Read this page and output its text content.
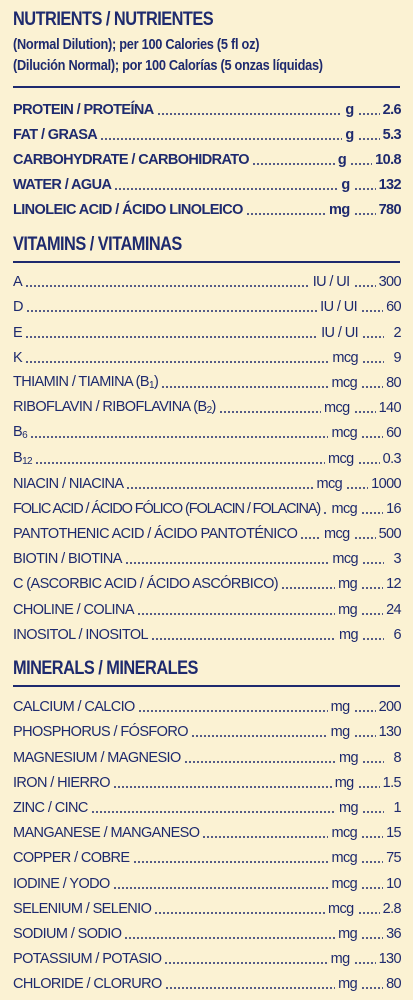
NUTRIENTS / NUTRIENTES
(Normal Dilution); per 100 Calories (5 fl oz)
(Dilución Normal); por 100 Calorías (5 onzas líquidas)
PROTEIN / PROTEÍNA	g 2.6
FAT / GRASA	g 5.3
CARBOHYDRATE / CARBOHIDRATO	g 10.8
WATER / AGUA	g 132
LINOLEIC ACID / ÁCIDO LINOLEICO	mg 780
VITAMINS / VITAMINAS
A	IU / UI 300
D	IU / UI 60
E	IU / UI	2
K	mcg	9
THIAMIN / TIAMINA $(B_1)$	mcg 80
RIBOFLAVIN / RIBOFLAVINA $(B_2)$	mcg 140
$B_6$	mcg 60
$B_{12}$	mcg 0.3
NIACIN / NIACINA	mcg 1000
FOLIC ACID / ÁCIDO FÓLICO (FOLACIN / FOLACINA) mcg 16
PANTOTHENIC ACID / ÁCIDO PANTOTÉNICO mcg 500
BIOTIN / BIOTINA	mcg	3
C (ASCORBIC ACID / ÁCIDO ASCÓRBICO)	mg 12
CHOLINE / COLINA	mg 24
INOSITOL / INOSITOL	mg	6
MINERALS / MINERALES
CALCIUM / CALCIO	mg 200
PHOSPHORUS / FÓSFORO	mg 130
MAGNESIUM / MAGNESIO	mg	8
IRON / HIERRO	mg 1.5
ZINC / CINC	mg	1
MANGANESE / MANGANESO	mcg 15
COPPER / COBRE	mcg 75
IODINE / YODO	mcg 10
SELENIUM / SELENIO	mcg 2.8
SODIUM / SODIO	mg 36
POTASSIUM / POTASIO	mg 130
CHLORIDE / CLORURO	mg 80
